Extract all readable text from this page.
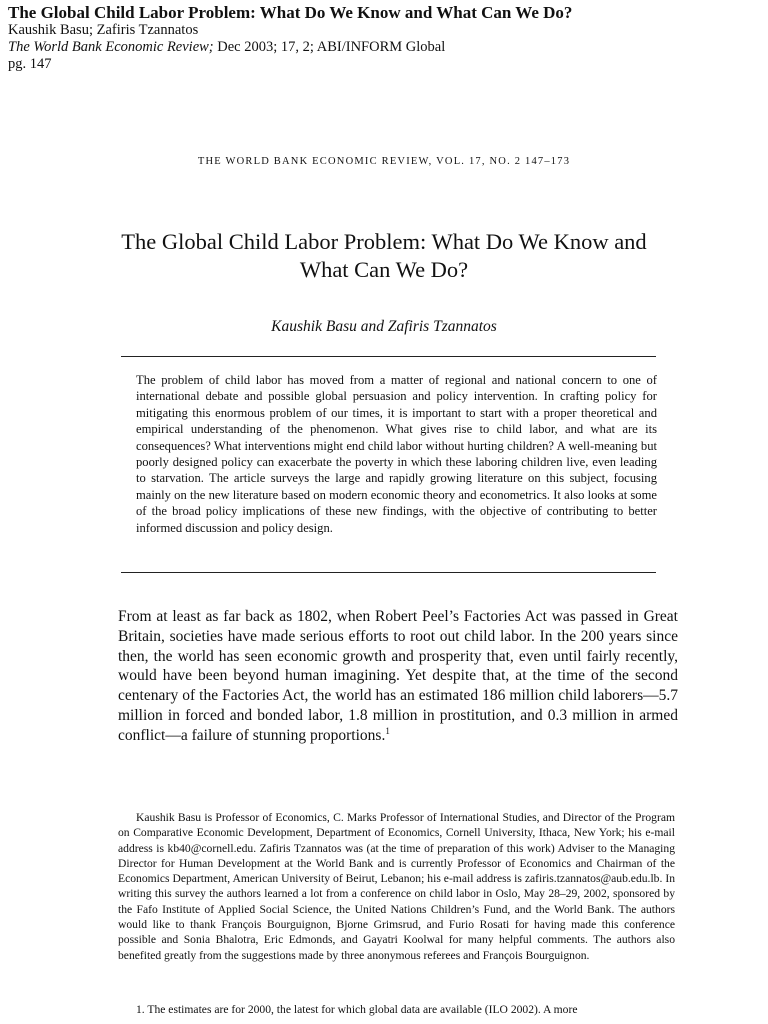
The Global Child Labor Problem: What Do We Know and What Can We Do?
Kaushik Basu; Zafiris Tzannatos
The World Bank Economic Review; Dec 2003; 17, 2; ABI/INFORM Global
pg. 147
THE WORLD BANK ECONOMIC REVIEW, VOL. 17, NO. 2 147–173
The Global Child Labor Problem: What Do We Know and What Can We Do?
Kaushik Basu and Zafiris Tzannatos

The problem of child labor has moved from a matter of regional and national concern to one of international debate and possible global persuasion and policy intervention. In crafting policy for mitigating this enormous problem of our times, it is important to start with a proper theoretical and empirical understanding of the phenomenon. What gives rise to child labor, and what are its consequences? What interventions might end child labor without hurting children? A well-meaning but poorly designed policy can exacerbate the poverty in which these laboring children live, even leading to starvation. The article surveys the large and rapidly growing literature on this subject, focusing mainly on the new literature based on modern economic theory and econometrics. It also looks at some of the broad policy implications of these new findings, with the objective of contributing to better informed discussion and policy design.

From at least as far back as 1802, when Robert Peel’s Factories Act was passed in Great Britain, societies have made serious efforts to root out child labor. In the 200 years since then, the world has seen economic growth and prosperity that, even until fairly recently, would have been beyond human imagining. Yet despite that, at the time of the second centenary of the Factories Act, the world has an estimated 186 million child laborers—5.7 million in forced and bonded labor, 1.8 million in prostitution, and 0.3 million in armed conflict—a failure of stunning proportions.$^1$

Kaushik Basu is Professor of Economics, C. Marks Professor of International Studies, and Director of the Program on Comparative Economic Development, Department of Economics, Cornell University, Ithaca, New York; his e-mail address is kb40@cornell.edu. Zafiris Tzannatos was (at the time of preparation of this work) Adviser to the Managing Director for Human Development at the World Bank and is currently Professor of Economics and Chairman of the Economics Department, American University of Beirut, Lebanon; his e-mail address is zafiris.tzannatos@aub.edu.lb. In writing this survey the authors learned a lot from a conference on child labor in Oslo, May 28–29, 2002, sponsored by the Fafo Institute of Applied Social Science, the United Nations Children’s Fund, and the World Bank. The authors would like to thank François Bourguignon, Bjorne Grimsrud, and Furio Rosati for having made this conference possible and Sonia Bhalotra, Eric Edmonds, and Gayatri Koolwal for many helpful comments. The authors also benefited greatly from the suggestions made by three anonymous referees and François Bourguignon.

1. The estimates are for 2000, the latest for which global data are available (ILO 2002). A more
